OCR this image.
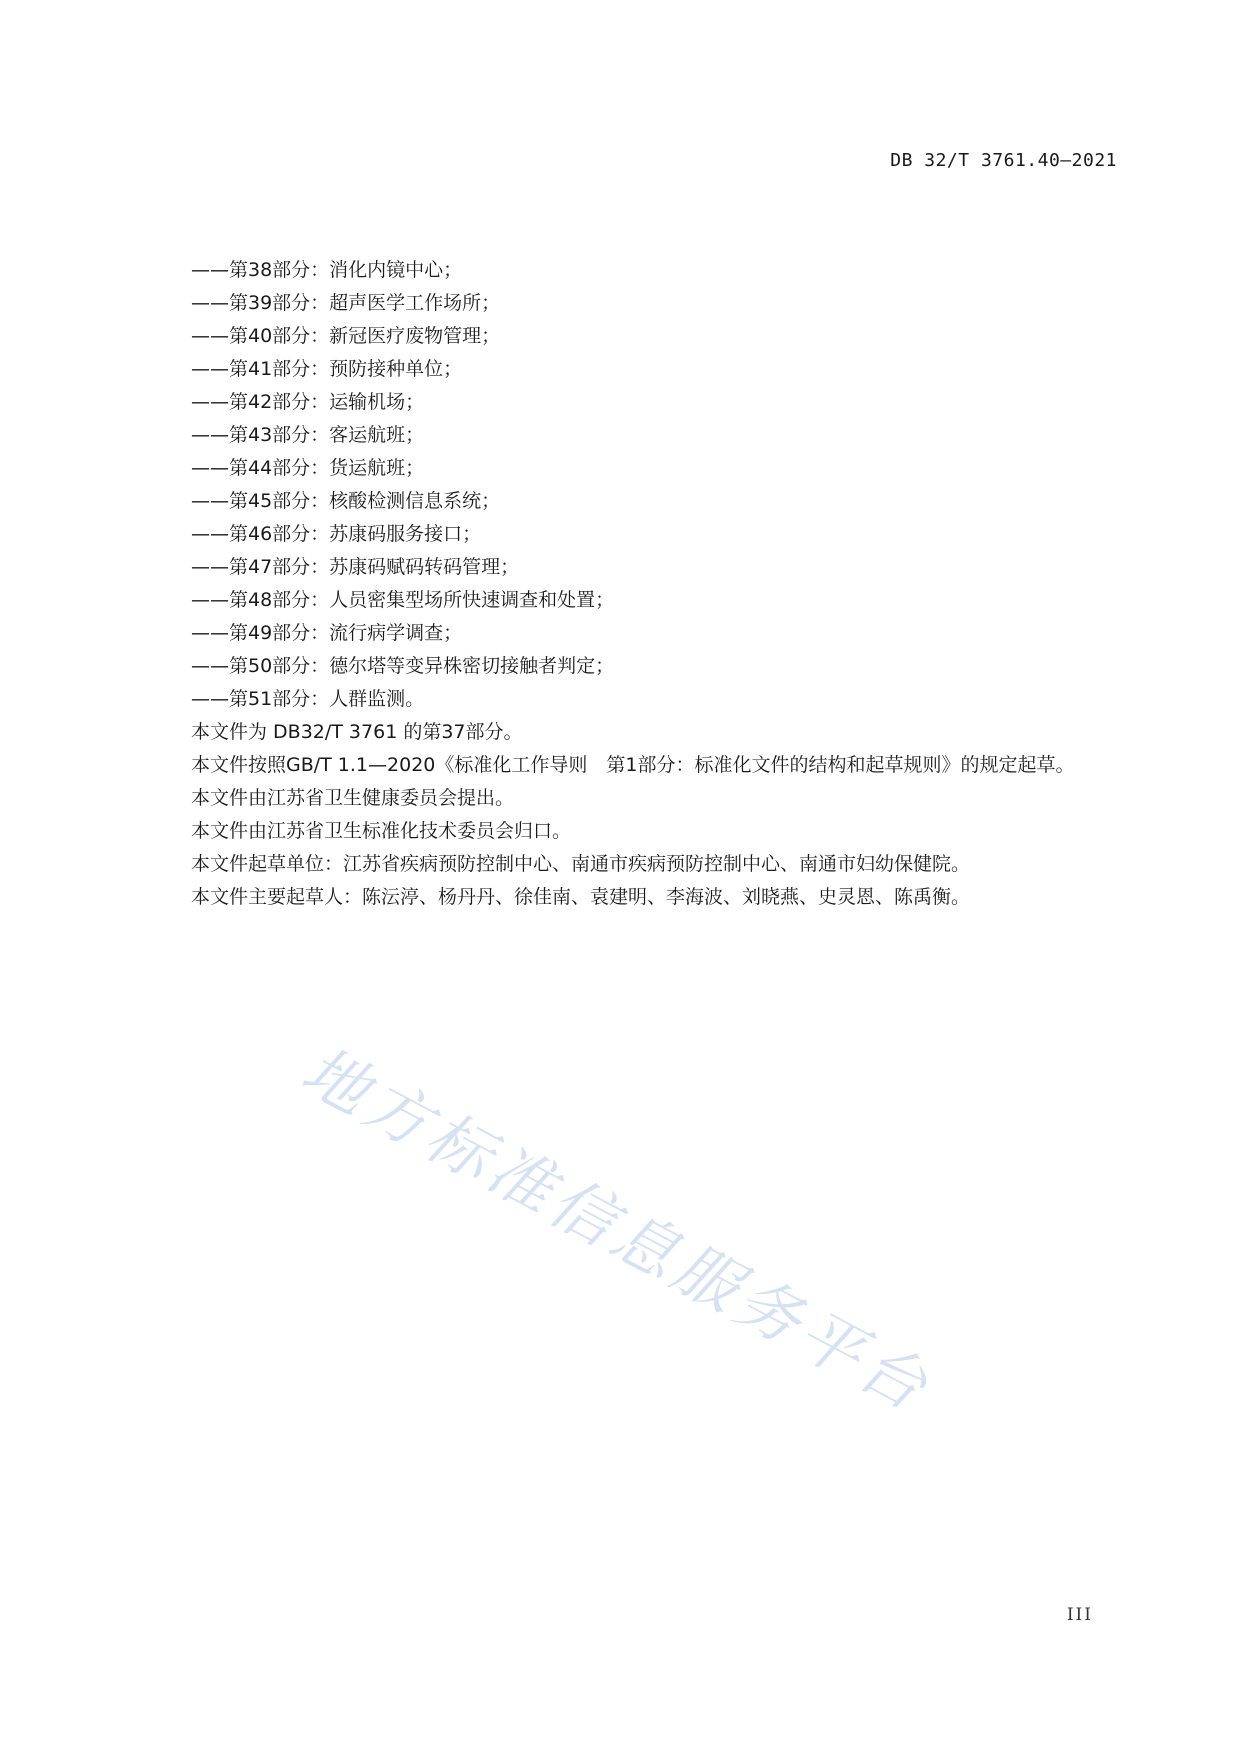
DB 32/T 3761.40—2021
——第38部分：消化内镜中心；
——第39部分：超声医学工作场所；
——第40部分：新冠医疗废物管理；
——第41部分：预防接种单位；
——第42部分：运输机场；
——第43部分：客运航班；
——第44部分：货运航班；
——第45部分：核酸检测信息系统；
——第46部分：苏康码服务接口；
——第47部分：苏康码赋码转码管理；
——第48部分：人员密集型场所快速调查和处置；
——第49部分：流行病学调查；
——第50部分：德尔塔等变异株密切接触者判定；
——第51部分：人群监测。
本文件为 DB32/T 3761 的第37部分。
本文件按照GB/T 1.1—2020《标准化工作导则　第1部分：标准化文件的结构和起草规则》的规定起草。
本文件由江苏省卫生健康委员会提出。
本文件由江苏省卫生标准化技术委员会归口。
本文件起草单位：江苏省疾病预防控制中心、南通市疾病预防控制中心、南通市妇幼保健院。
本文件主要起草人：陈沄渟、杨丹丹、徐佳南、袁建明、李海波、刘晓燕、史灵恩、陈禹衡。
地方标准信息服务平台
III
